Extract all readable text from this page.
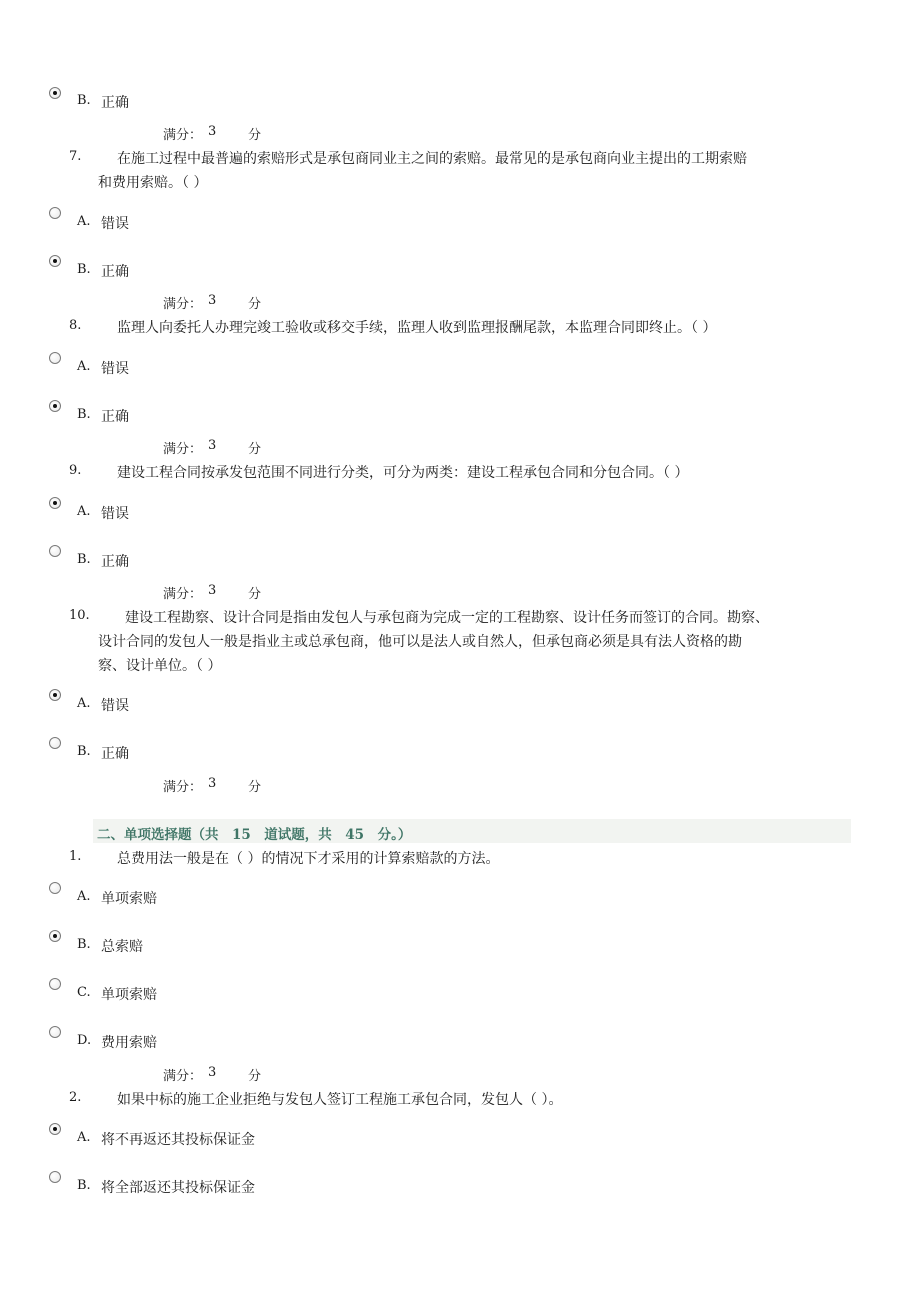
B. 正确
满分： 3 分
7.	在施工过程中最普遍的索赔形式是承包商同业主之间的索赔。最常见的是承包商向业主提出的工期索赔
和费用索赔。（ ）
A. 错误
B. 正确
满分： 3 分
8.	监理人向委托人办理完竣工验收或移交手续，监理人收到监理报酬尾款，本监理合同即终止。（ ）
A. 错误
B. 正确
满分： 3 分
9.	建设工程合同按承发包范围不同进行分类，可分为两类：建设工程承包合同和分包合同。（ ）
A. 错误
B. 正确
满分： 3 分
10.	建设工程勘察、设计合同是指由发包人与承包商为完成一定的工程勘察、设计任务而签订的合同。勘察、
设计合同的发包人一般是指业主或总承包商，他可以是法人或自然人，但承包商必须是具有法人资格的勘
察、设计单位。（ ）
A. 错误
B. 正确
满分： 3 分
二、单项选择题（共　15　道试题，共　45　分。）
1.	总费用法一般是在（ ）的情况下才采用的计算索赔款的方法。
A. 单项索赔
B. 总索赔
C. 单项索赔
D. 费用索赔
满分： 3 分
2.	如果中标的施工企业拒绝与发包人签订工程施工承包合同，发包人（ ）。
A. 将不再返还其投标保证金
B. 将全部返还其投标保证金
